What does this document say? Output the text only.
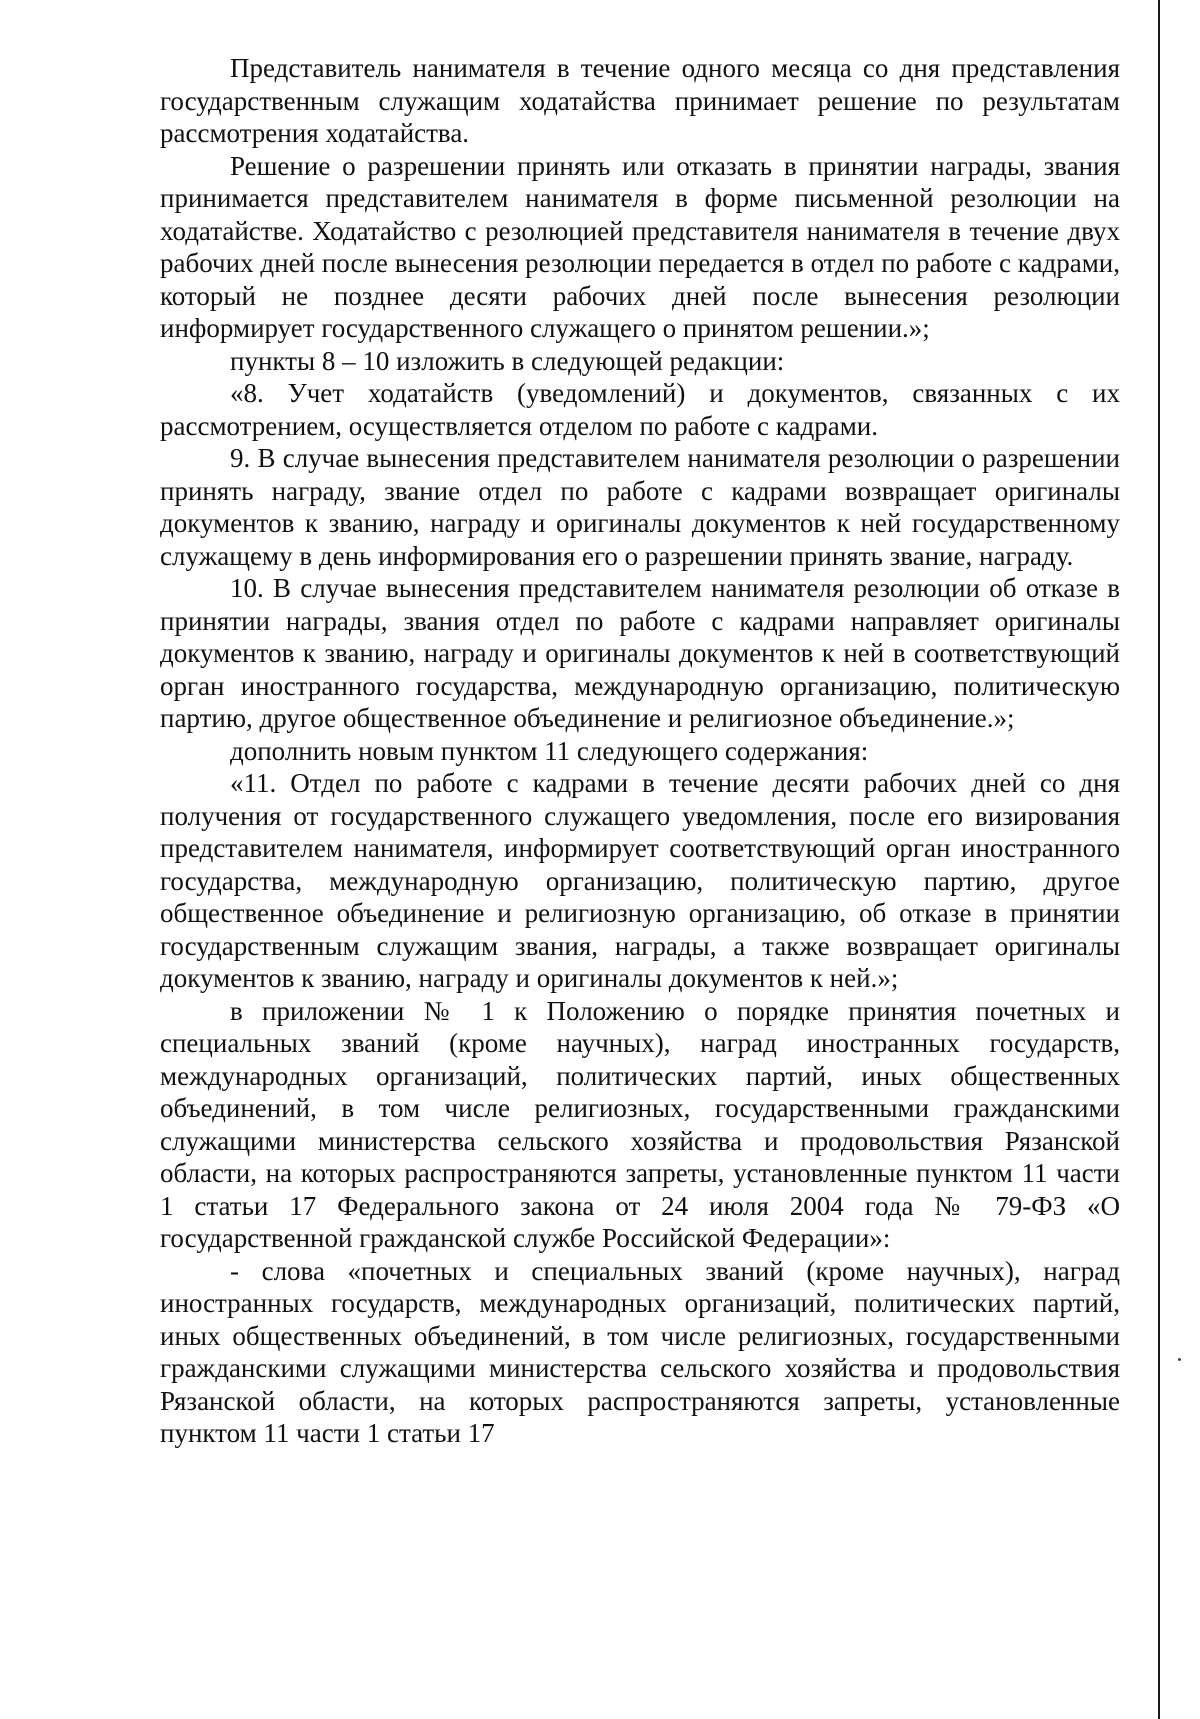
Представитель нанимателя в течение одного месяца со дня представления государственным служащим ходатайства принимает решение по результатам рассмотрения ходатайства.

Решение о разрешении принять или отказать в принятии награды, звания принимается представителем нанимателя в форме письменной резолюции на ходатайстве. Ходатайство с резолюцией представителя нанимателя в течение двух рабочих дней после вынесения резолюции передается в отдел по работе с кадрами, который не позднее десяти рабочих дней после вынесения резолюции информирует государственного служащего о принятом решении.»;

пункты 8 – 10 изложить в следующей редакции:

«8. Учет ходатайств (уведомлений) и документов, связанных с их рассмотрением, осуществляется отделом по работе с кадрами.

9. В случае вынесения представителем нанимателя резолюции о разрешении принять награду, звание отдел по работе с кадрами возвращает оригиналы документов к званию, награду и оригиналы документов к ней государственному служащему в день информирования его о разрешении принять звание, награду.

10. В случае вынесения представителем нанимателя резолюции об отказе в принятии награды, звания отдел по работе с кадрами направляет оригиналы документов к званию, награду и оригиналы документов к ней в соответствующий орган иностранного государства, международную организацию, политическую партию, другое общественное объединение и религиозное объединение.»;

дополнить новым пунктом 11 следующего содержания:

«11. Отдел по работе с кадрами в течение десяти рабочих дней со дня получения от государственного служащего уведомления, после его визирования представителем нанимателя, информирует соответствующий орган иностранного государства, международную организацию, политическую партию, другое общественное объединение и религиозную организацию, об отказе в принятии государственным служащим звания, награды, а также возвращает оригиналы документов к званию, награду и оригиналы документов к ней.»;

в приложении № 1 к Положению о порядке принятия почетных и специальных званий (кроме научных), наград иностранных государств, международных организаций, политических партий, иных общественных объединений, в том числе религиозных, государственными гражданскими служащими министерства сельского хозяйства и продовольствия Рязанской области, на которых распространяются запреты, установленные пунктом 11 части 1 статьи 17 Федерального закона от 24 июля 2004 года № 79-ФЗ «О государственной гражданской службе Российской Федерации»:

- слова «почетных и специальных званий (кроме научных), наград иностранных государств, международных организаций, политических партий, иных общественных объединений, в том числе религиозных, государственными гражданскими служащими министерства сельского хозяйства и продовольствия Рязанской области, на которых распространяются запреты, установленные пунктом 11 части 1 статьи 17
